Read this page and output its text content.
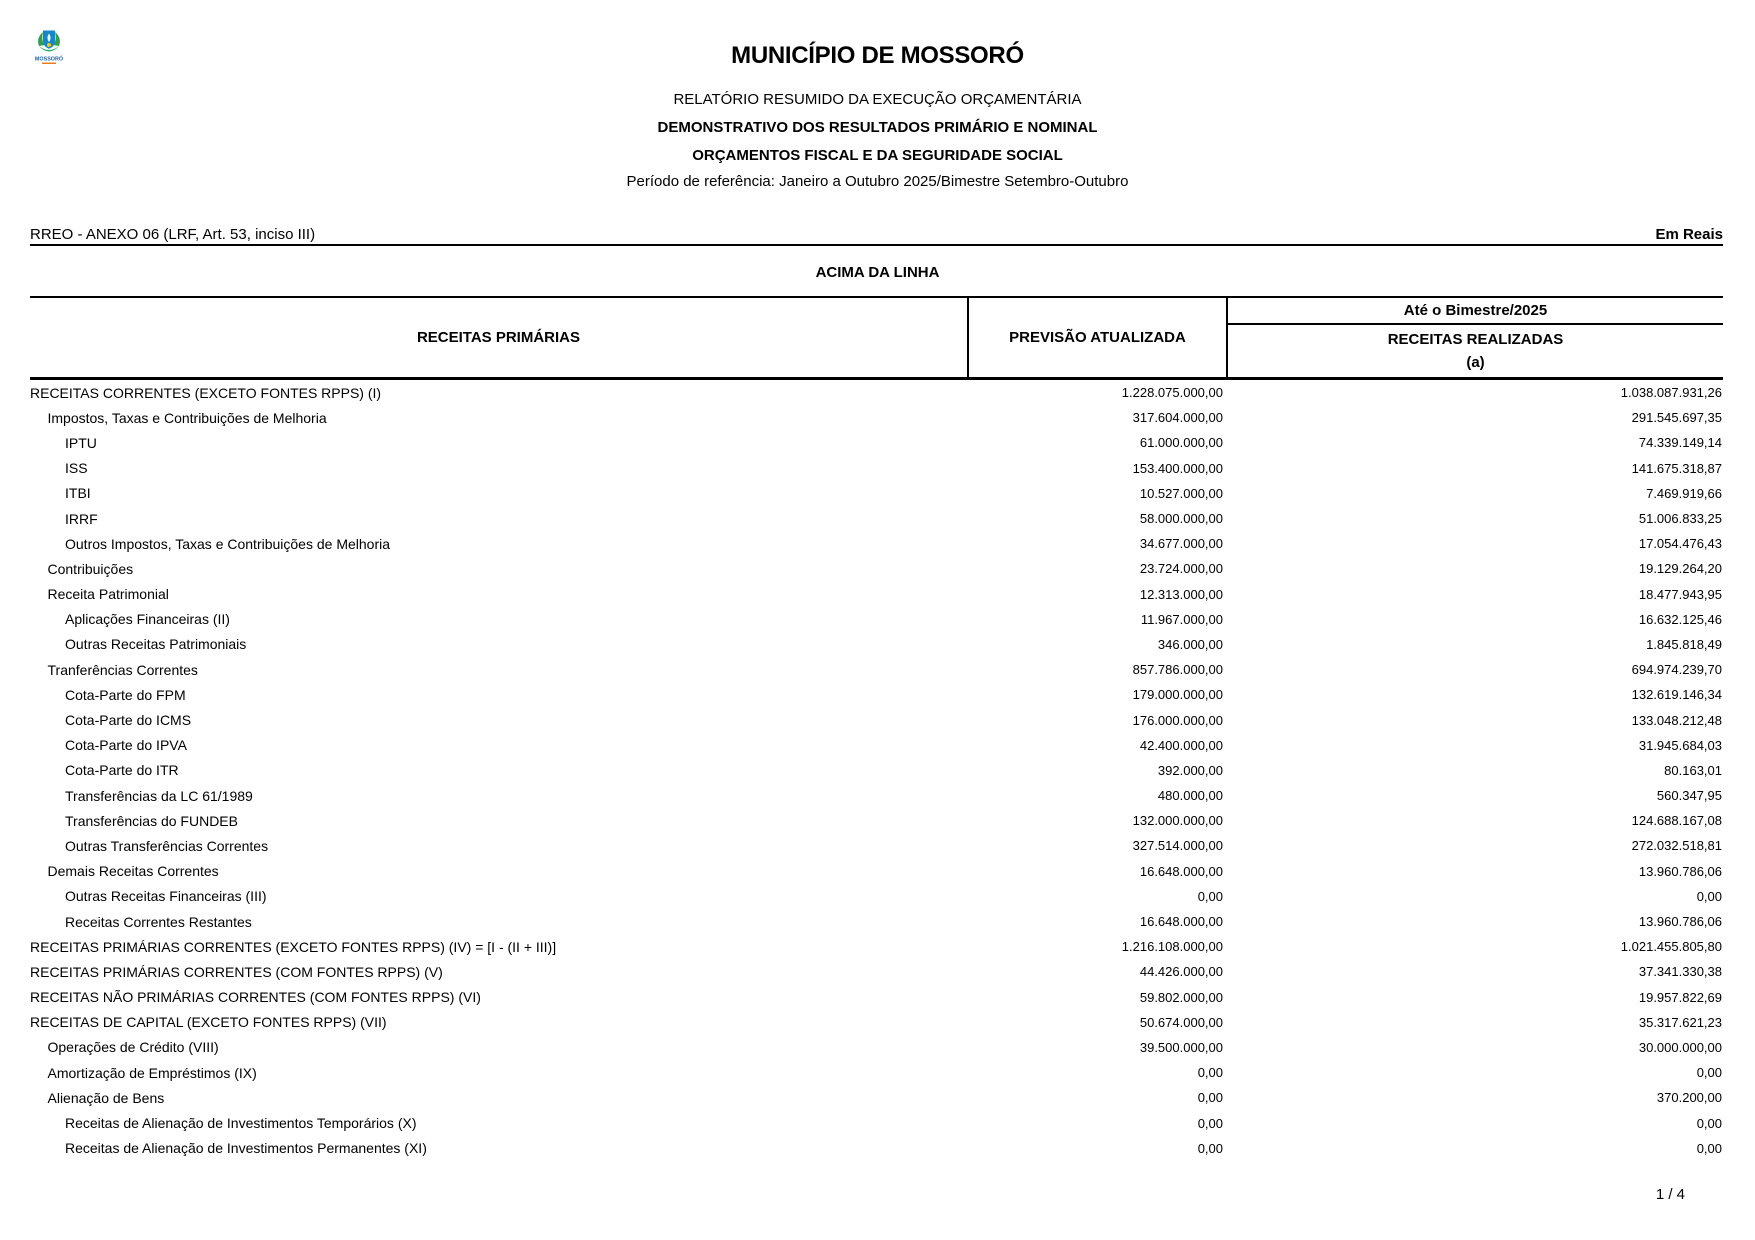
MOSSORÓ	MUNICÍPIO DE MOSSORÓ
RELATÓRIO RESUMIDO DA EXECUÇÃO ORÇAMENTÁRIA
DEMONSTRATIVO DOS RESULTADOS PRIMÁRIO E NOMINAL
ORÇAMENTOS FISCAL E DA SEGURIDADE SOCIAL
Período de referência: Janeiro a Outubro 2025/Bimestre Setembro-Outubro
RREO - ANEXO 06 (LRF, Art. 53, inciso III)	Em Reais
ACIMA DA LINHA
RECEITAS PRIMÁRIAS	PREVISÃO ATUALIZADA
Até o Bimestre/2025
RECEITAS REALIZADAS
(a)
RECEITAS CORRENTES (EXCETO FONTES RPPS) (I)	1.228.075.000,00	1.038.087.931,26
Impostos, Taxas e Contribuições de Melhoria	317.604.000,00	291.545.697,35
IPTU	61.000.000,00	74.339.149,14
ISS	153.400.000,00	141.675.318,87
ITBI	10.527.000,00	7.469.919,66
IRRF	58.000.000,00	51.006.833,25
Outros Impostos, Taxas e Contribuições de Melhoria	34.677.000,00	17.054.476,43
Contribuições	23.724.000,00	19.129.264,20
Receita Patrimonial	12.313.000,00	18.477.943,95
Aplicações Financeiras (II)	11.967.000,00	16.632.125,46
Outras Receitas Patrimoniais	346.000,00	1.845.818,49
Tranferências Correntes	857.786.000,00	694.974.239,70
Cota-Parte do FPM	179.000.000,00	132.619.146,34
Cota-Parte do ICMS	176.000.000,00	133.048.212,48
Cota-Parte do IPVA	42.400.000,00	31.945.684,03
Cota-Parte do ITR	392.000,00	80.163,01
Transferências da LC 61/1989	480.000,00	560.347,95
Transferências do FUNDEB	132.000.000,00	124.688.167,08
Outras Transferências Correntes	327.514.000,00	272.032.518,81
Demais Receitas Correntes	16.648.000,00	13.960.786,06
Outras Receitas Financeiras (III)	0,00	0,00
Receitas Correntes Restantes	16.648.000,00	13.960.786,06
RECEITAS PRIMÁRIAS CORRENTES (EXCETO FONTES RPPS) (IV) = [I - (II + III)]	1.216.108.000,00	1.021.455.805,80
RECEITAS PRIMÁRIAS CORRENTES (COM FONTES RPPS) (V)	44.426.000,00	37.341.330,38
RECEITAS NÃO PRIMÁRIAS CORRENTES (COM FONTES RPPS) (VI)	59.802.000,00	19.957.822,69
RECEITAS DE CAPITAL (EXCETO FONTES RPPS) (VII)	50.674.000,00	35.317.621,23
Operações de Crédito (VIII)	39.500.000,00	30.000.000,00
Amortização de Empréstimos (IX)	0,00	0,00
Alienação de Bens	0,00	370.200,00
Receitas de Alienação de Investimentos Temporários (X)	0,00	0,00
Receitas de Alienação de Investimentos Permanentes (XI)	0,00	0,00
1 / 4
